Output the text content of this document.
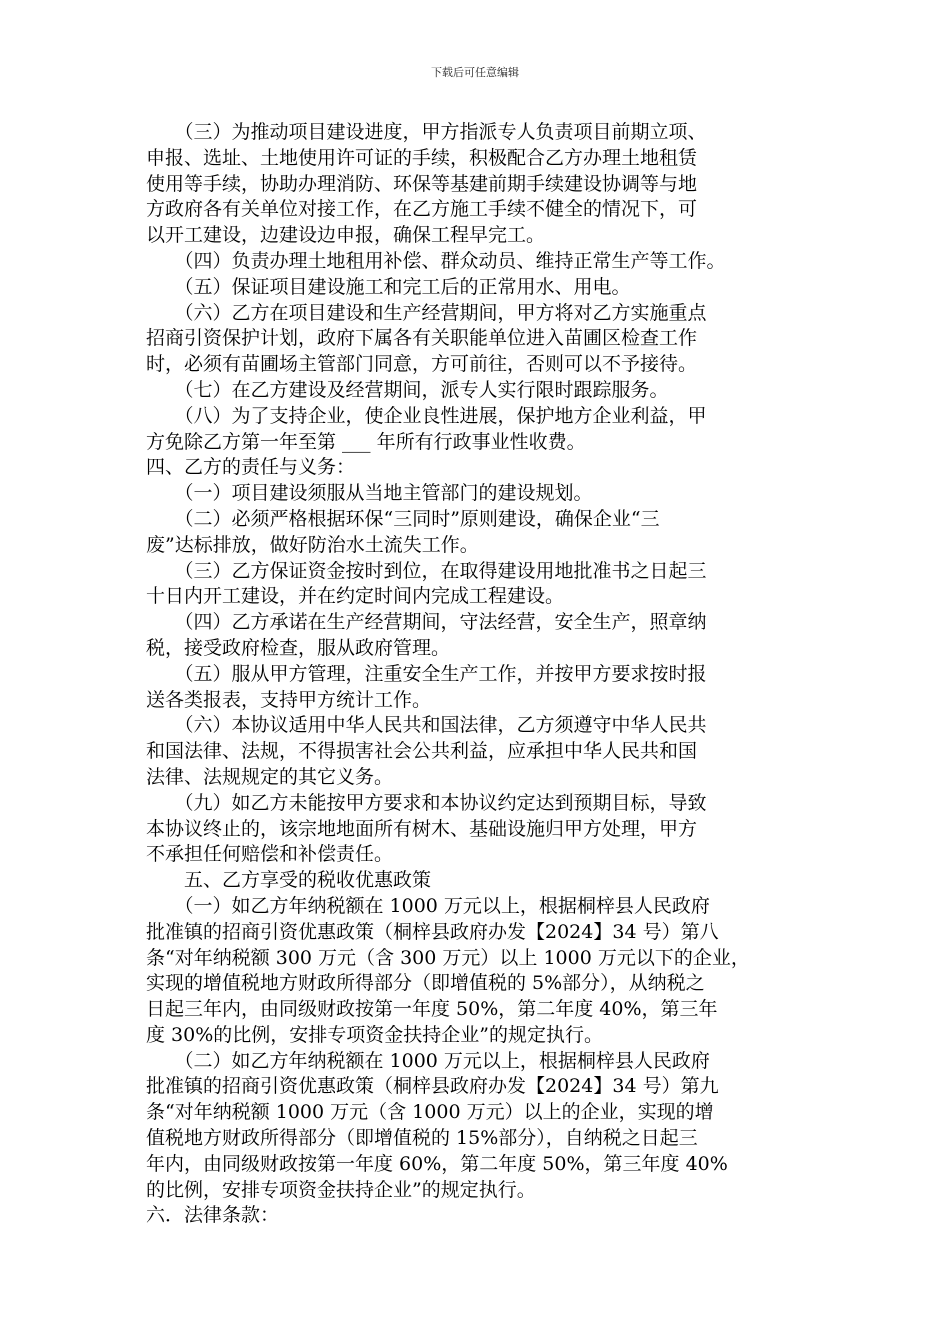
下载后可任意编辑
　　（三）为推动项目建设进度，甲方指派专人负责项目前期立项、
申报、选址、土地使用许可证的手续，积极配合乙方办理土地租赁
使用等手续，协助办理消防、环保等基建前期手续建设协调等与地
方政府各有关单位对接工作，在乙方施工手续不健全的情况下，可
以开工建设，边建设边申报，确保工程早完工。
　　（四）负责办理土地租用补偿、群众动员、维持正常生产等工作。
　　（五）保证项目建设施工和完工后的正常用水、用电。
　　（六）乙方在项目建设和生产经营期间，甲方将对乙方实施重点
招商引资保护计划，政府下属各有关职能单位进入苗圃区检查工作
时，必须有苗圃场主管部门同意，方可前往，否则可以不予接待。
　　（七）在乙方建设及经营期间，派专人实行限时跟踪服务。
　　（八）为了支持企业，使企业良性进展，保护地方企业利益，甲
方免除乙方第一年至第 ___ 年所有行政事业性收费。
四、乙方的责任与义务：
　　（一）项目建设须服从当地主管部门的建设规划。
　　（二）必须严格根据环保“三同时”原则建设，确保企业“三
废”达标排放，做好防治水土流失工作。
　　（三）乙方保证资金按时到位，在取得建设用地批准书之日起三
十日内开工建设，并在约定时间内完成工程建设。
　　（四）乙方承诺在生产经营期间，守法经营，安全生产，照章纳
税，接受政府检查，服从政府管理。
　　（五）服从甲方管理，注重安全生产工作，并按甲方要求按时报
送各类报表，支持甲方统计工作。
　　（六）本协议适用中华人民共和国法律，乙方须遵守中华人民共
和国法律、法规，不得损害社会公共利益，应承担中华人民共和国
法律、法规规定的其它义务。
　　（九）如乙方未能按甲方要求和本协议约定达到预期目标，导致
本协议终止的，该宗地地面所有树木、基础设施归甲方处理，甲方
不承担任何赔偿和补偿责任。
　　五、乙方享受的税收优惠政策
　　（一）如乙方年纳税额在 1000 万元以上，根据桐梓县人民政府
批准镇的招商引资优惠政策（桐梓县政府办发【2024】34 号）第八
条“对年纳税额 300 万元（含 300 万元）以上 1000 万元以下的企业，
实现的增值税地方财政所得部分（即增值税的 5%部分），从纳税之
日起三年内，由同级财政按第一年度 50%，第二年度 40%，第三年
度 30%的比例，安排专项资金扶持企业”的规定执行。
　　（二）如乙方年纳税额在 1000 万元以上，根据桐梓县人民政府
批准镇的招商引资优惠政策（桐梓县政府办发【2024】34 号）第九
条“对年纳税额 1000 万元（含 1000 万元）以上的企业，实现的增
值税地方财政所得部分（即增值税的 15%部分），自纳税之日起三
年内，由同级财政按第一年度 60%，第二年度 50%，第三年度 40%
的比例，安排专项资金扶持企业”的规定执行。
六．法律条款：
